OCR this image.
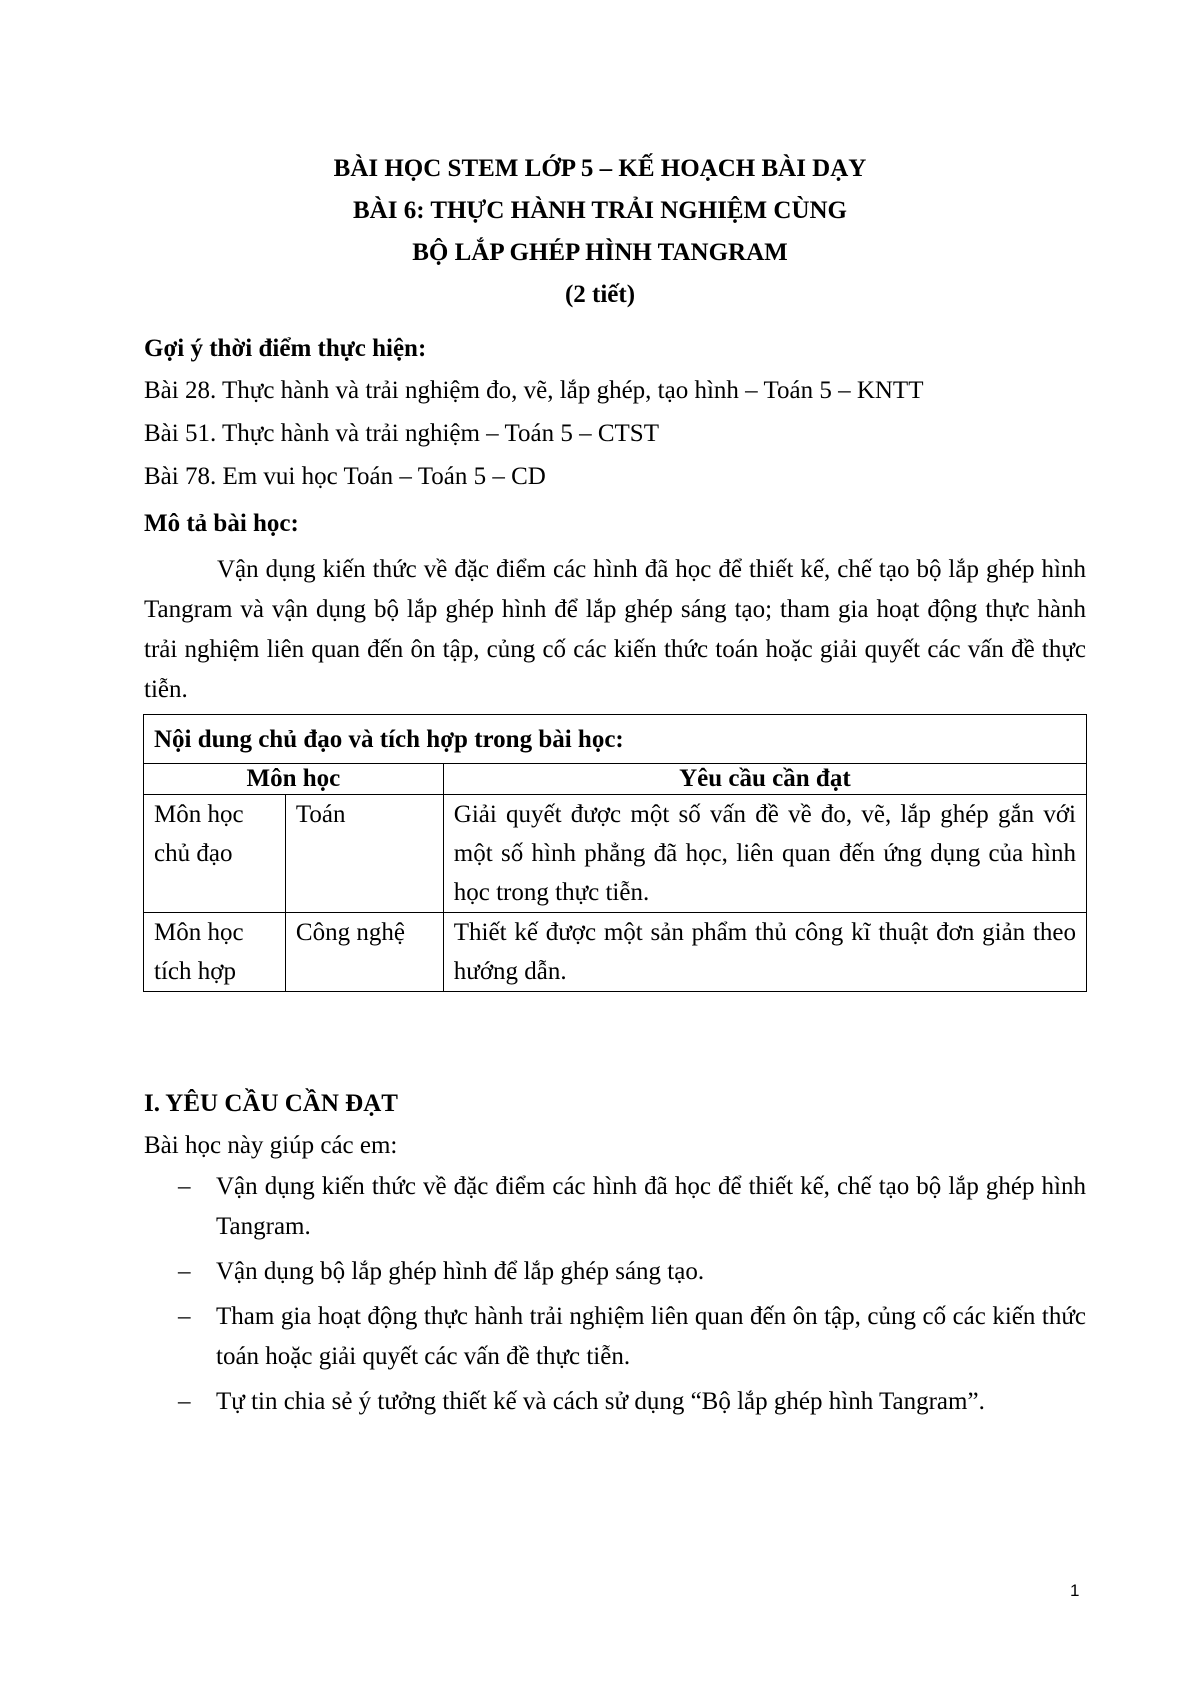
BÀI HỌC STEM LỚP 5 – KẾ HOẠCH BÀI DẠY
BÀI 6: THỰC HÀNH TRẢI NGHIỆM CÙNG
BỘ LẮP GHÉP HÌNH TANGRAM
(2 tiết)
Gợi ý thời điểm thực hiện:
Bài 28. Thực hành và trải nghiệm đo, vẽ, lắp ghép, tạo hình – Toán 5 – KNTT
Bài 51. Thực hành và trải nghiệm – Toán 5 – CTST
Bài 78. Em vui học Toán – Toán 5 – CD
Mô tả bài học:
Vận dụng kiến thức về đặc điểm các hình đã học để thiết kế, chế tạo bộ lắp ghép hình Tangram và vận dụng bộ lắp ghép hình để lắp ghép sáng tạo; tham gia hoạt động thực hành trải nghiệm liên quan đến ôn tập, củng cố các kiến thức toán hoặc giải quyết các vấn đề thực tiễn.
Nội dung chủ đạo và tích hợp trong bài học:		
Môn học		Yêu cầu cần đạt
Môn học chủ đạo	Toán	Giải quyết được một số vấn đề về đo, vẽ, lắp ghép gắn với một số hình phẳng đã học, liên quan đến ứng dụng của hình học trong thực tiễn.
Môn học tích hợp	Công nghệ	Thiết kế được một sản phẩm thủ công kĩ thuật đơn giản theo hướng dẫn.
I. YÊU CẦU CẦN ĐẠT
Bài học này giúp các em:
–	Vận dụng kiến thức về đặc điểm các hình đã học để thiết kế, chế tạo bộ lắp ghép hình Tangram.
–	Vận dụng bộ lắp ghép hình để lắp ghép sáng tạo.
–	Tham gia hoạt động thực hành trải nghiệm liên quan đến ôn tập, củng cố các kiến thức toán hoặc giải quyết các vấn đề thực tiễn.
–	Tự tin chia sẻ ý tưởng thiết kế và cách sử dụng “Bộ lắp ghép hình Tangram”.
1
